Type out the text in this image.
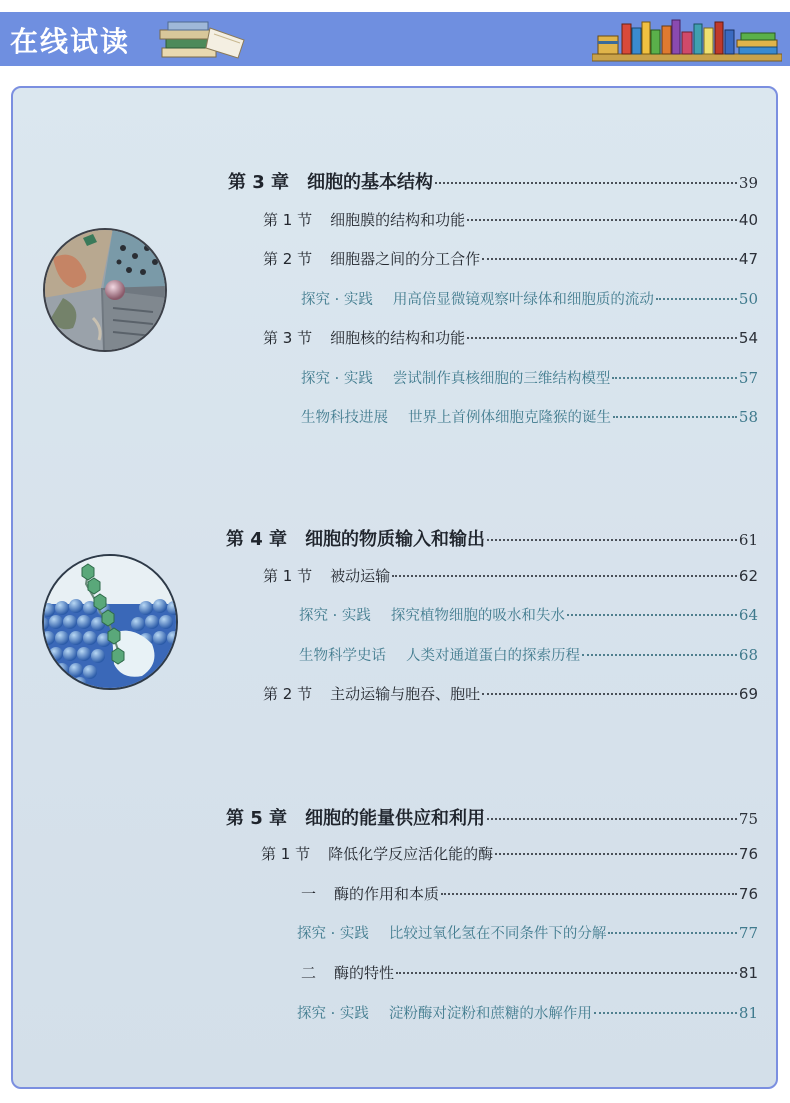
在线试读
第 3 章 细胞的基本结构	39
第 1 节 细胞膜的结构和功能	40
第 2 节 细胞器之间的分工合作	47
探究 · 实践 用高倍显微镜观察叶绿体和细胞质的流动	50
第 3 节 细胞核的结构和功能	54
探究 · 实践 尝试制作真核细胞的三维结构模型	57
生物科技进展 世界上首例体细胞克隆猴的诞生	58
第 4 章 细胞的物质输入和输出	61
第 1 节 被动运输	62
探究 · 实践 探究植物细胞的吸水和失水	64
生物科学史话 人类对通道蛋白的探索历程	68
第 2 节 主动运输与胞吞、胞吐	69
第 5 章 细胞的能量供应和利用	75
第 1 节 降低化学反应活化能的酶	76
一 酶的作用和本质	76
探究 · 实践 比较过氧化氢在不同条件下的分解	77
二 酶的特性	81
探究 · 实践 淀粉酶对淀粉和蔗糖的水解作用	81
